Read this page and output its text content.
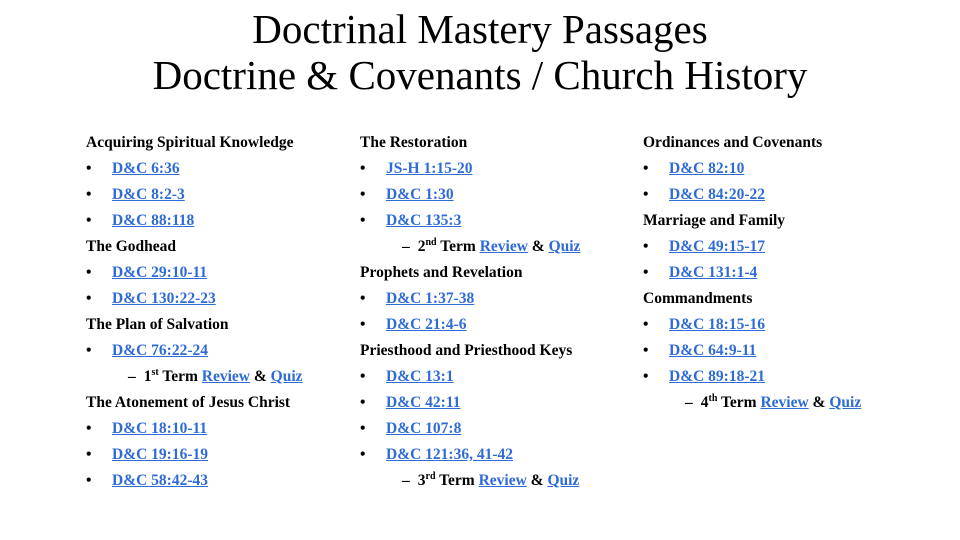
Doctrinal Mastery Passages
Doctrine & Covenants / Church History
Acquiring Spiritual Knowledge
• D&C 6:36
• D&C 8:2-3
• D&C 88:118
The Godhead
• D&C 29:10-11
• D&C 130:22-23
The Plan of Salvation
• D&C 76:22-24
– 1st Term Review & Quiz
The Atonement of Jesus Christ
• D&C 18:10-11
• D&C 19:16-19
• D&C 58:42-43
The Restoration
• JS-H 1:15-20
• D&C 1:30
• D&C 135:3
– 2nd Term Review & Quiz
Prophets and Revelation
• D&C 1:37-38
• D&C 21:4-6
Priesthood and Priesthood Keys
• D&C 13:1
• D&C 42:11
• D&C 107:8
• D&C 121:36, 41-42
– 3rd Term Review & Quiz
Ordinances and Covenants
• D&C 82:10
• D&C 84:20-22
Marriage and Family
• D&C 49:15-17
• D&C 131:1-4
Commandments
• D&C 18:15-16
• D&C 64:9-11
• D&C 89:18-21
– 4th Term Review & Quiz
